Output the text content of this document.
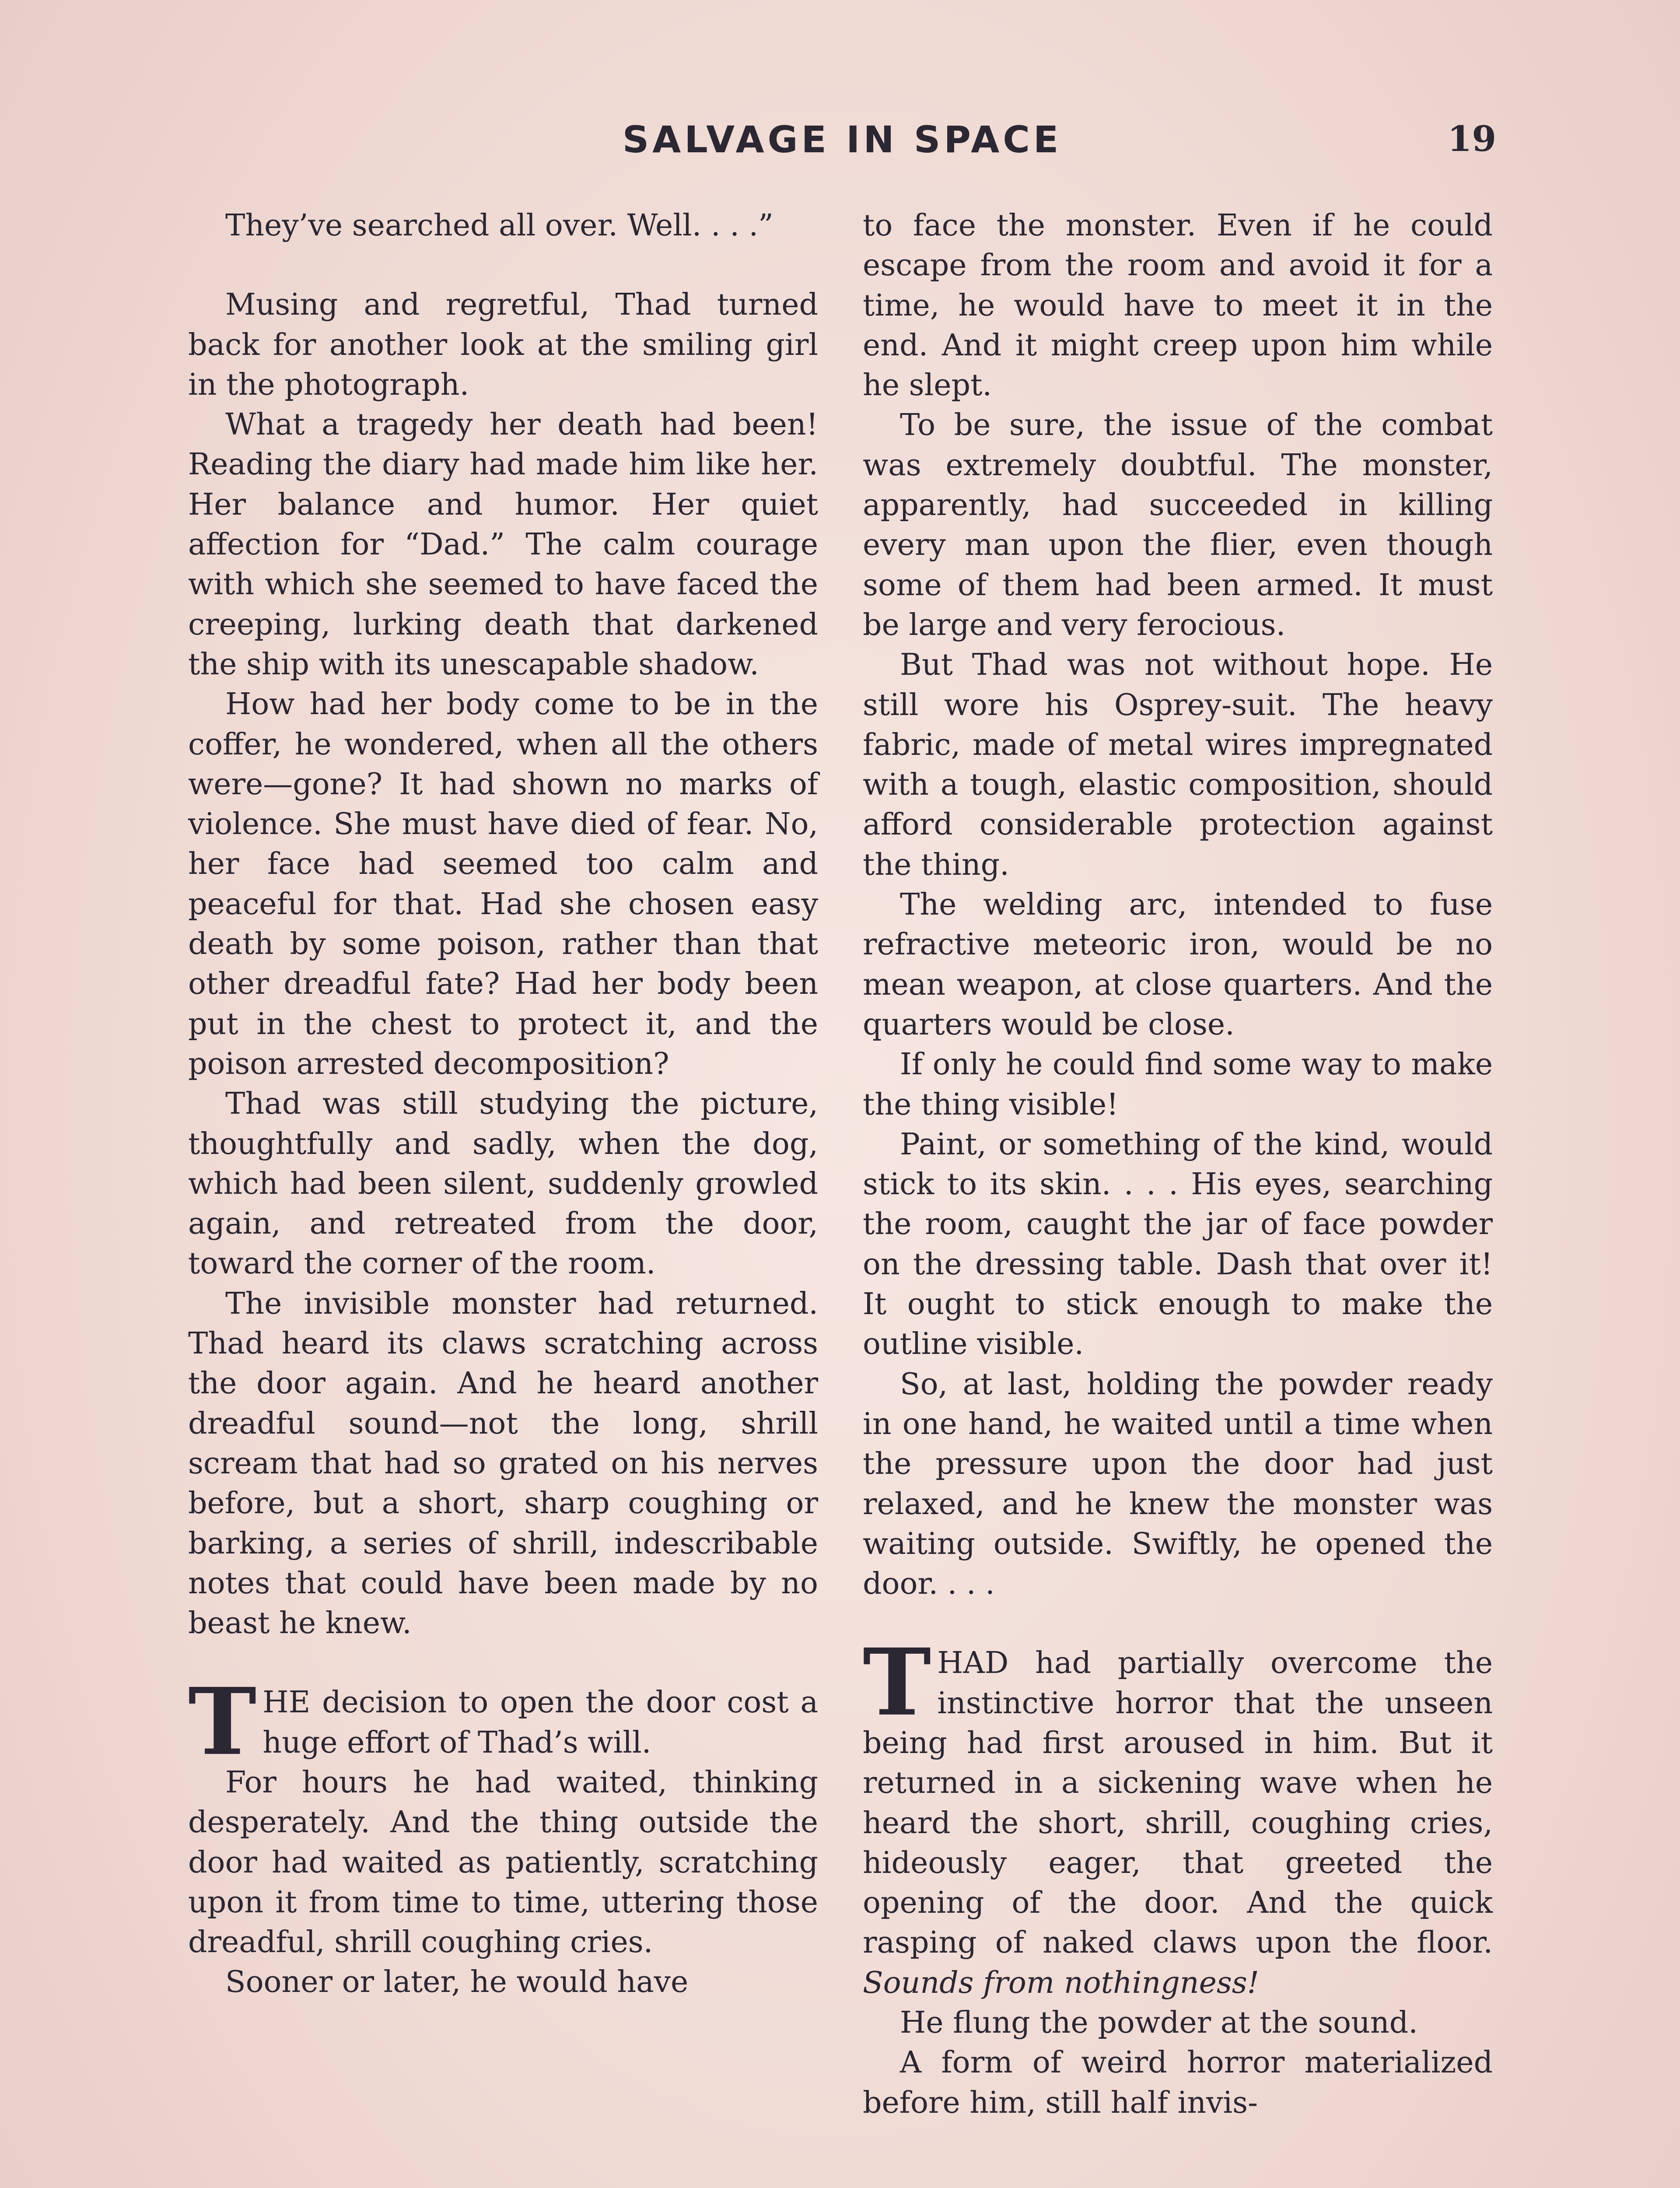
SALVAGE IN SPACE	19

They’ve searched all over. Well. . . .”

Musing and regretful, Thad turned back for another look at the smiling girl in the photograph.

What a tragedy her death had been! Reading the diary had made him like her. Her balance and humor. Her quiet affection for “Dad.” The calm courage with which she seemed to have faced the creeping, lurking death that darkened the ship with its unescapable shadow.

How had her body come to be in the coffer, he wondered, when all the others were—gone? It had shown no marks of violence. She must have died of fear. No, her face had seemed too calm and peaceful for that. Had she chosen easy death by some poison, rather than that other dreadful fate? Had her body been put in the chest to protect it, and the poison arrested decomposition?

Thad was still studying the picture, thoughtfully and sadly, when the dog, which had been silent, suddenly growled again, and retreated from the door, toward the corner of the room.

The invisible monster had returned. Thad heard its claws scratching across the door again. And he heard another dreadful sound—not the long, shrill scream that had so grated on his nerves before, but a short, sharp coughing or barking, a series of shrill, indescribable notes that could have been made by no beast he knew.

THE decision to open the door cost a huge effort of Thad’s will.

For hours he had waited, thinking desperately. And the thing outside the door had waited as patiently, scratching upon it from time to time, uttering those dreadful, shrill coughing cries.

Sooner or later, he would have

to face the monster. Even if he could escape from the room and avoid it for a time, he would have to meet it in the end. And it might creep upon him while he slept.

To be sure, the issue of the combat was extremely doubtful. The monster, apparently, had succeeded in killing every man upon the flier, even though some of them had been armed. It must be large and very ferocious.

But Thad was not without hope. He still wore his Osprey-suit. The heavy fabric, made of metal wires impregnated with a tough, elastic composition, should afford considerable protection against the thing.

The welding arc, intended to fuse refractive meteoric iron, would be no mean weapon, at close quarters. And the quarters would be close.

If only he could find some way to make the thing visible!

Paint, or something of the kind, would stick to its skin. . . . His eyes, searching the room, caught the jar of face powder on the dressing table. Dash that over it! It ought to stick enough to make the outline visible.

So, at last, holding the powder ready in one hand, he waited until a time when the pressure upon the door had just relaxed, and he knew the monster was waiting outside. Swiftly, he opened the door. . . .

THAD had partially overcome the instinctive horror that the unseen being had first aroused in him. But it returned in a sickening wave when he heard the short, shrill, coughing cries, hideously eager, that greeted the opening of the door. And the quick rasping of naked claws upon the floor. Sounds from nothingness!

He flung the powder at the sound.

A form of weird horror materialized before him, still half invis-
